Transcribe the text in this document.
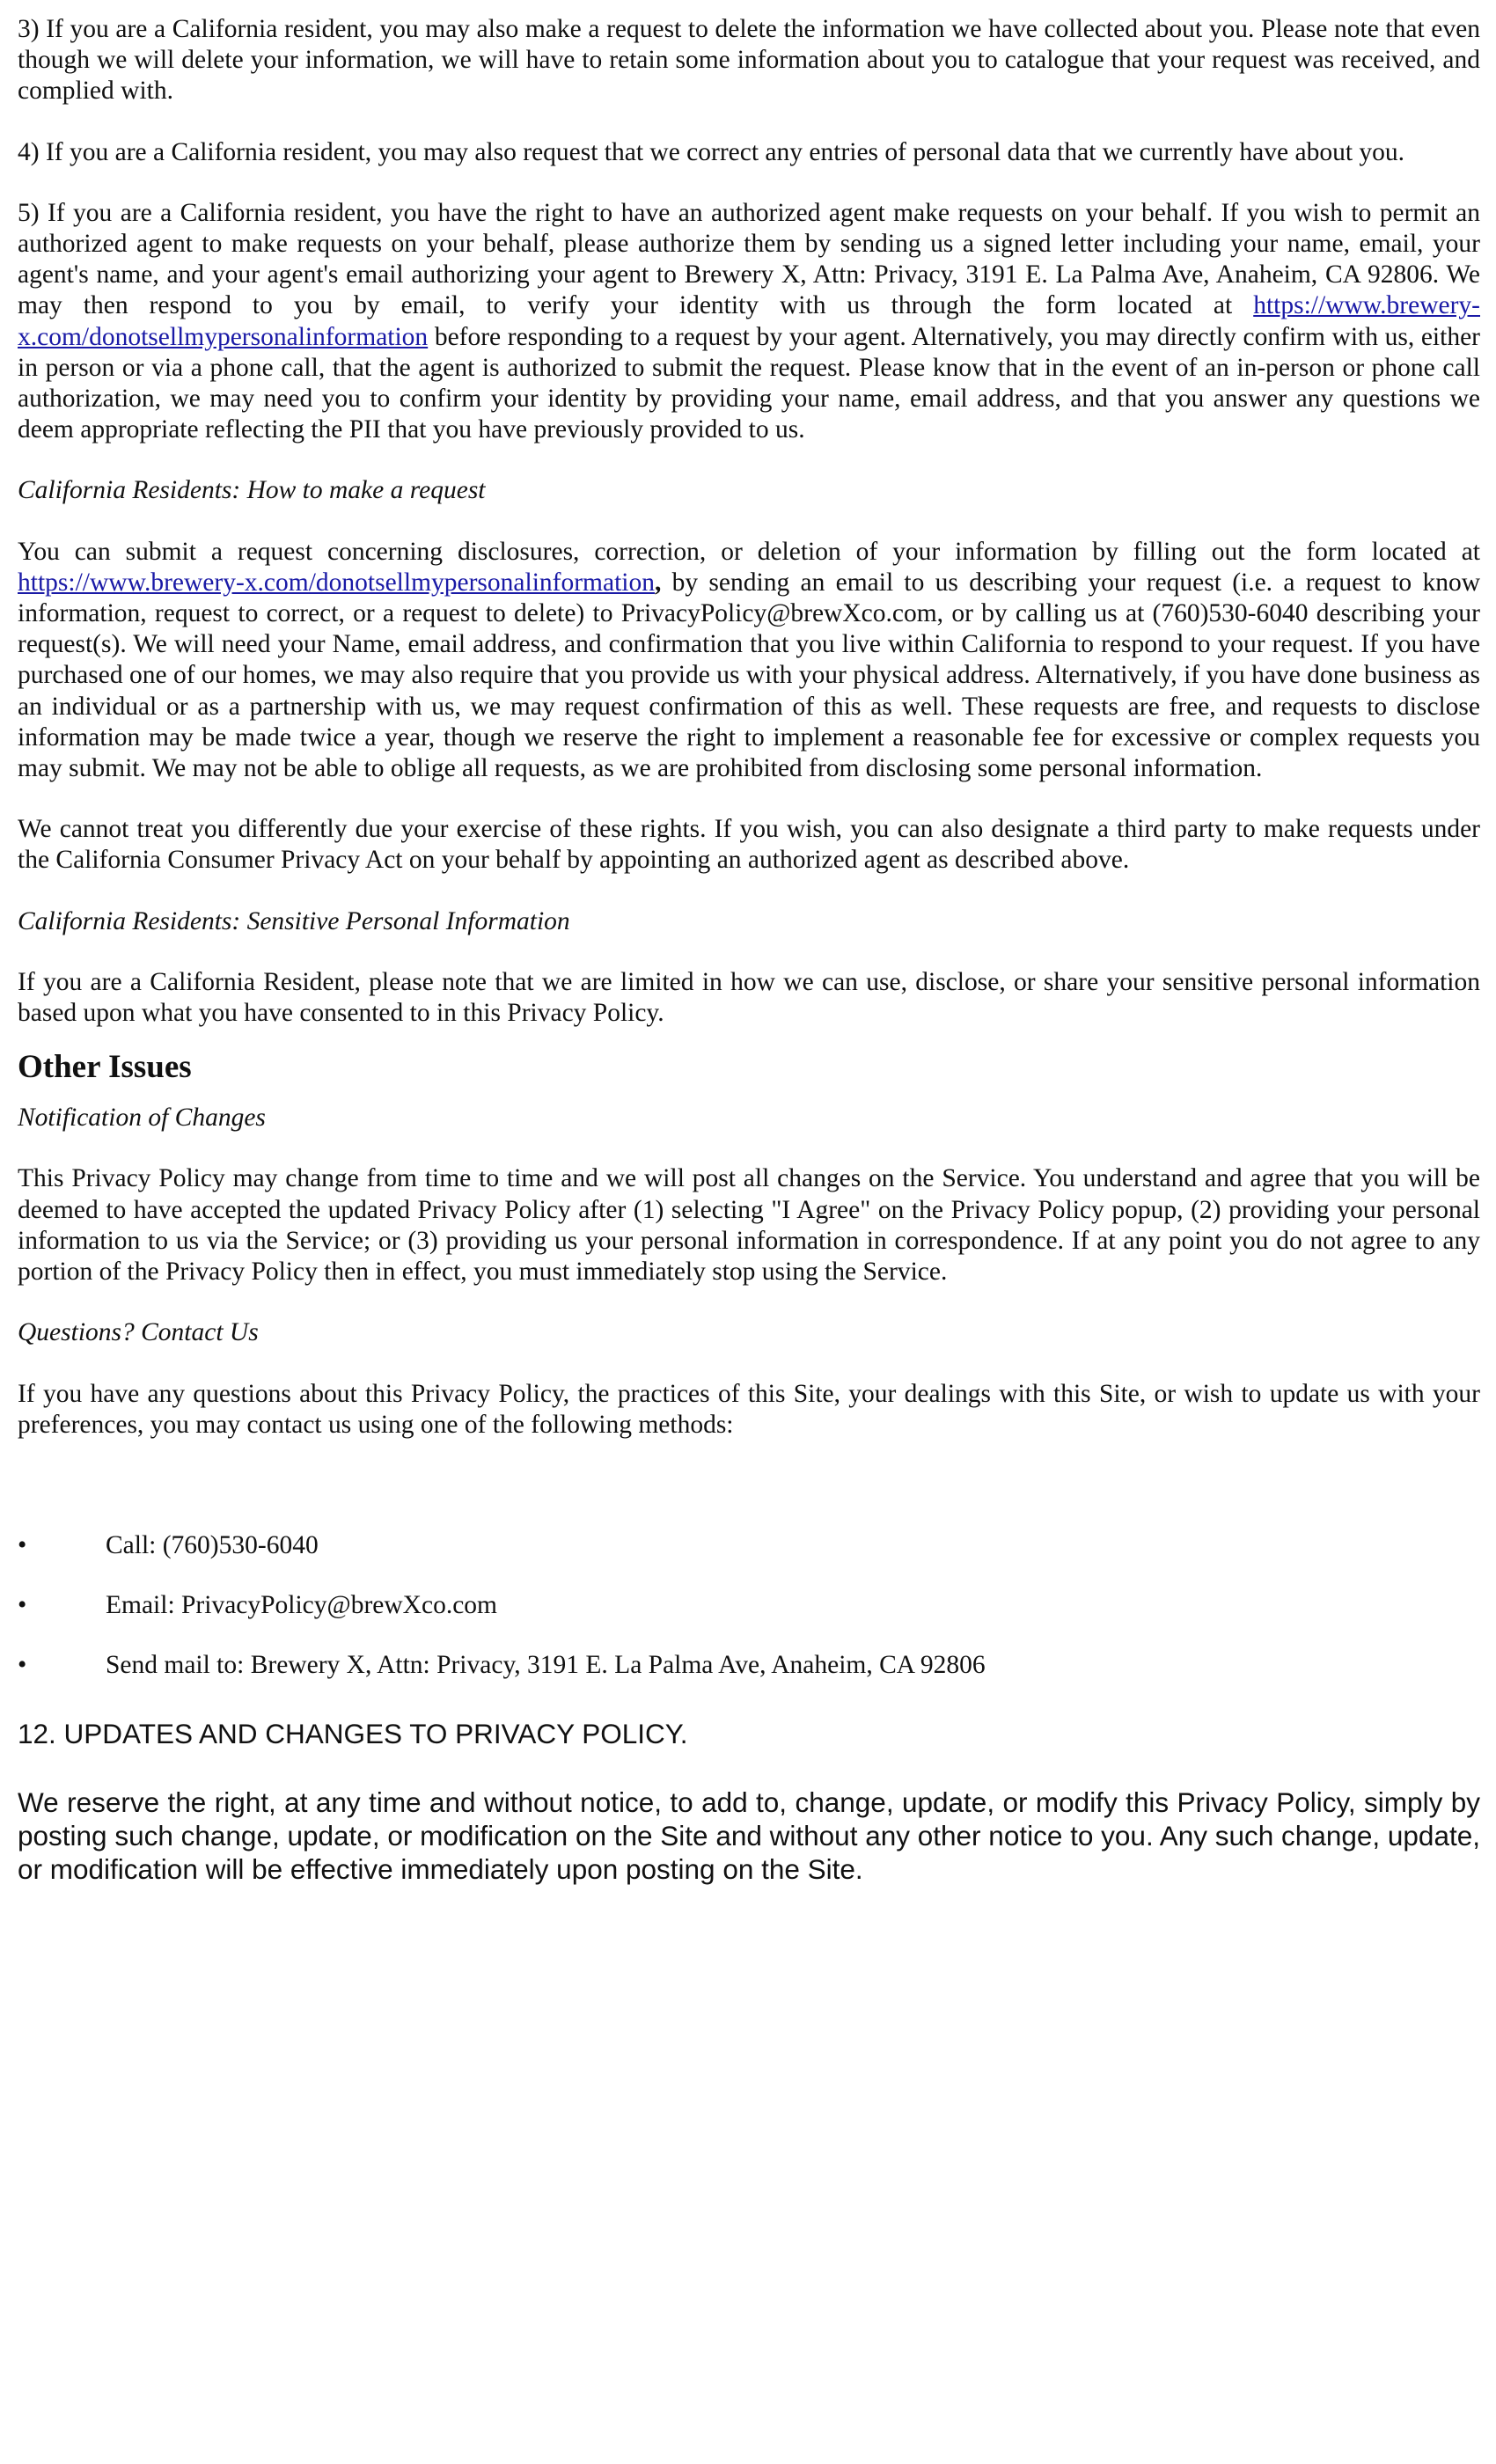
3) If you are a California resident, you may also make a request to delete the information we have collected about you. Please note that even though we will delete your information, we will have to retain some information about you to catalogue that your request was received, and complied with.

4) If you are a California resident, you may also request that we correct any entries of personal data that we currently have about you.

5) If you are a California resident, you have the right to have an authorized agent make requests on your behalf. If you wish to permit an authorized agent to make requests on your behalf, please authorize them by sending us a signed letter including your name, email, your agent's name, and your agent's email authorizing your agent to Brewery X, Attn: Privacy, 3191 E. La Palma Ave, Anaheim, CA 92806. We may then respond to you by email, to verify your identity with us through the form located at https://www.brewery-x.com/donotsellmypersonalinformation before responding to a request by your agent. Alternatively, you may directly confirm with us, either in person or via a phone call, that the agent is authorized to submit the request. Please know that in the event of an in-person or phone call authorization, we may need you to confirm your identity by providing your name, email address, and that you answer any questions we deem appropriate reflecting the PII that you have previously provided to us.

California Residents: How to make a request

You can submit a request concerning disclosures, correction, or deletion of your information by filling out the form located at https://www.brewery-x.com/donotsellmypersonalinformation, by sending an email to us describing your request (i.e. a request to know information, request to correct, or a request to delete) to PrivacyPolicy@brewXco.com, or by calling us at (760)530-6040 describing your request(s). We will need your Name, email address, and confirmation that you live within California to respond to your request. If you have purchased one of our homes, we may also require that you provide us with your physical address. Alternatively, if you have done business as an individual or as a partnership with us, we may request confirmation of this as well. These requests are free, and requests to disclose information may be made twice a year, though we reserve the right to implement a reasonable fee for excessive or complex requests you may submit. We may not be able to oblige all requests, as we are prohibited from disclosing some personal information.

We cannot treat you differently due your exercise of these rights. If you wish, you can also designate a third party to make requests under the California Consumer Privacy Act on your behalf by appointing an authorized agent as described above.

California Residents: Sensitive Personal Information

If you are a California Resident, please note that we are limited in how we can use, disclose, or share your sensitive personal information based upon what you have consented to in this Privacy Policy.

Other Issues

Notification of Changes

This Privacy Policy may change from time to time and we will post all changes on the Service. You understand and agree that you will be deemed to have accepted the updated Privacy Policy after (1) selecting "I Agree" on the Privacy Policy popup, (2) providing your personal information to us via the Service; or (3) providing us your personal information in correspondence. If at any point you do not agree to any portion of the Privacy Policy then in effect, you must immediately stop using the Service.

Questions? Contact Us

If you have any questions about this Privacy Policy, the practices of this Site, your dealings with this Site, or wish to update us with your preferences, you may contact us using one of the following methods:

•	Call: (760)530-6040
•	Email: PrivacyPolicy@brewXco.com
•	Send mail to: Brewery X, Attn: Privacy, 3191 E. La Palma Ave, Anaheim, CA 92806

12. UPDATES AND CHANGES TO PRIVACY POLICY.

We reserve the right, at any time and without notice, to add to, change, update, or modify this Privacy Policy, simply by posting such change, update, or modification on the Site and without any other notice to you. Any such change, update, or modification will be effective immediately upon posting on the Site.
